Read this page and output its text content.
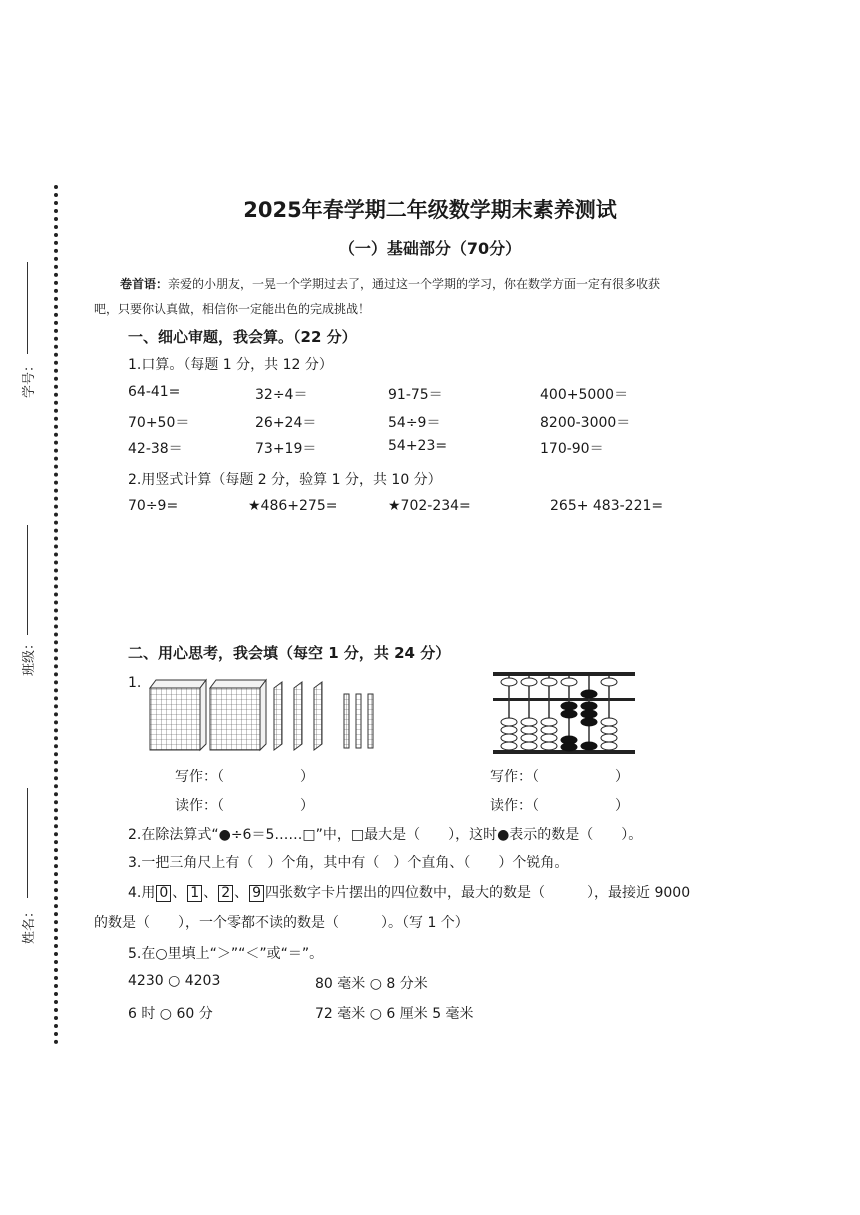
学号：
班级：
姓名：
2025年春学期二年级数学期末素养测试
（一）基础部分（70分）
卷首语：亲爱的小朋友，一晃一个学期过去了，通过这一个学期的学习，你在数学方面一定有很多收获
吧，只要你认真做，相信你一定能出色的完成挑战！
一、细心审题，我会算。（22 分）
1.口算。（每题 1 分，共 12 分）
64-41=	32÷4＝	91-75＝	400+5000＝
70+50＝	26+24＝	54÷9＝	8200-3000＝
42-38＝	73+19＝	54+23=	170-90＝
2.用竖式计算（每题 2 分，验算 1 分，共 10 分）
70÷9=	★486+275=	★702-234=	265+ 483-221=
二、用心思考，我会填（每空 1 分，共 24 分）
1.
写作：（	）
读作：（	）
写作：（	）
读作：（	）
2.在除法算式“●÷6＝5……□”中，□最大是（　　），这时●表示的数是（　　）。
3.一把三角尺上有（　）个角，其中有（　）个直角、（　　）个锐角。
4.用 0 、 1 、 2 、 9 四张数字卡片摆出的四位数中，最大的数是（　　　），最接近 9000
的数是（　　），一个零都不读的数是（　　　）。（写 1 个）
5.在○里填上“＞”“＜”或“＝”。
4230 ○ 4203	80 毫米 ○ 8 分米
6 时 ○ 60 分	72 毫米 ○ 6 厘米 5 毫米
